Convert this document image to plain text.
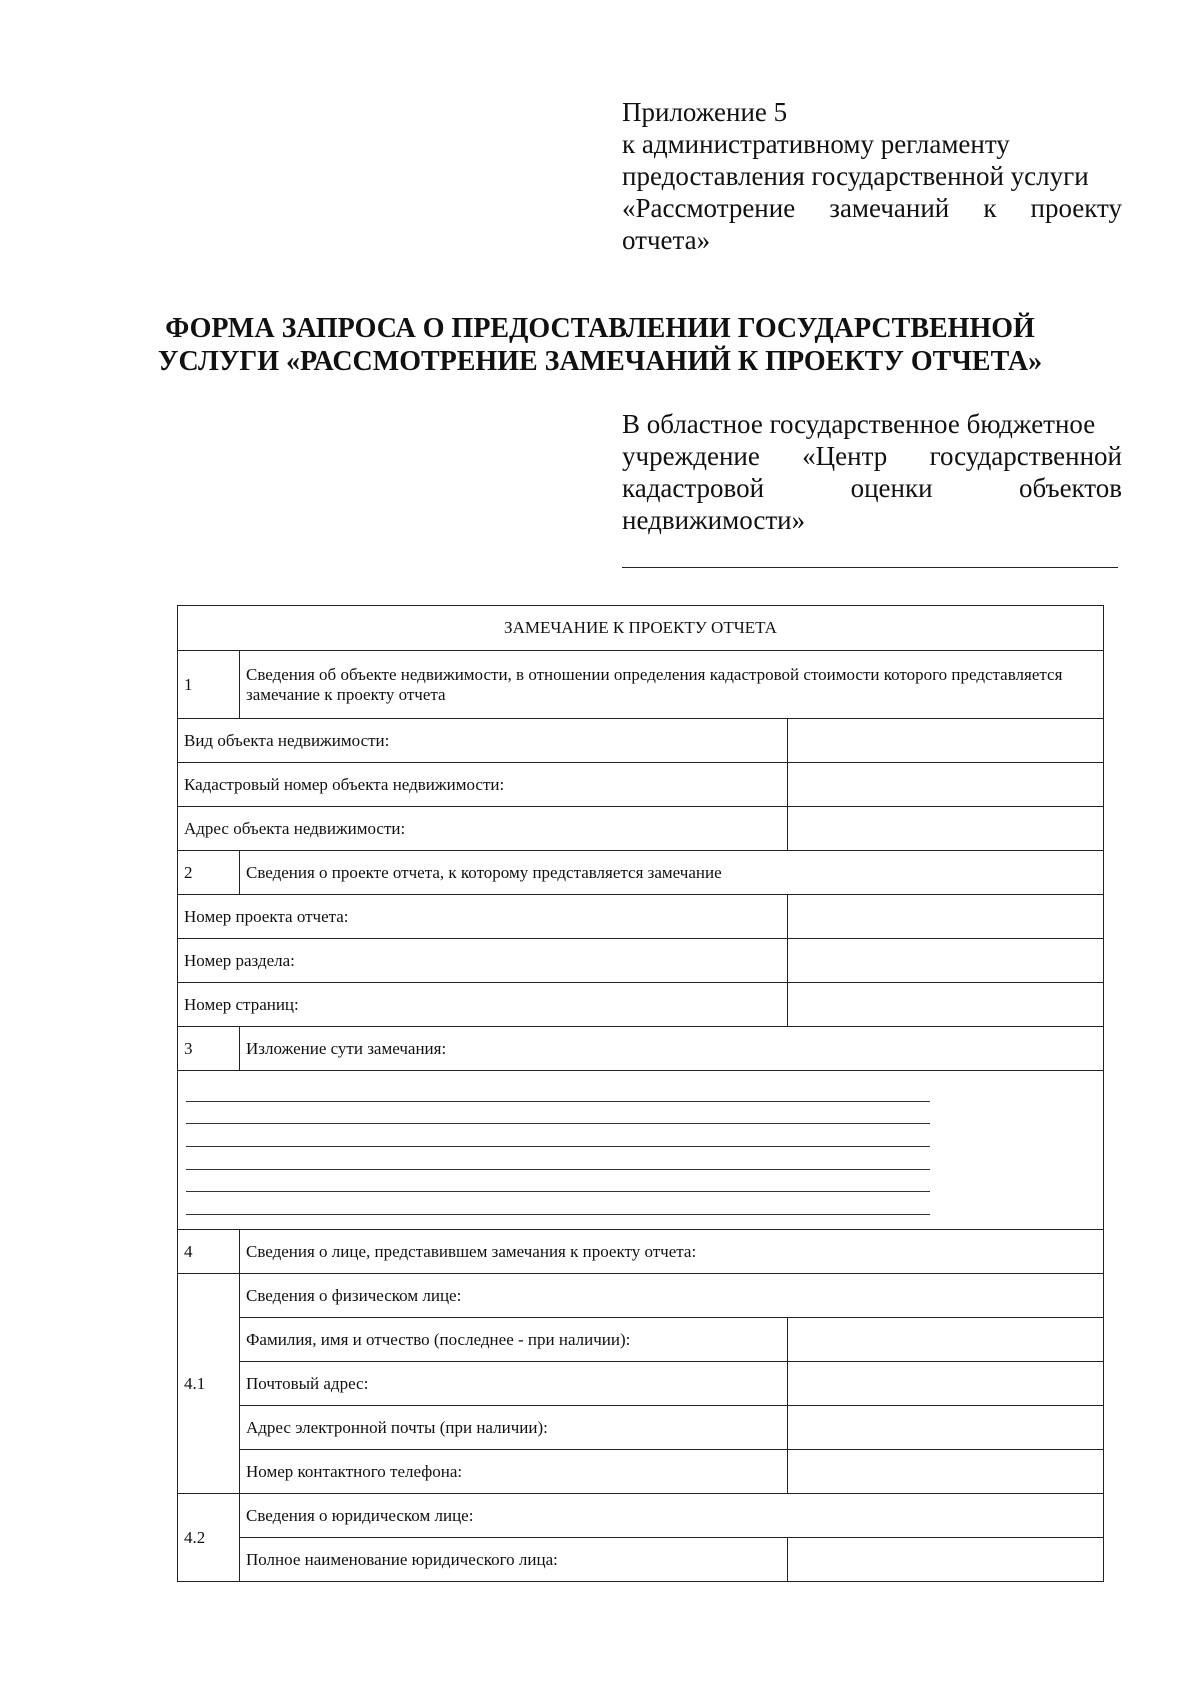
Приложение 5
к административному регламенту
предоставления государственной услуги
«Рассмотрение замечаний к проекту
отчета»
ФОРМА ЗАПРОСА О ПРЕДОСТАВЛЕНИИ ГОСУДАРСТВЕННОЙ
УСЛУГИ «РАССМОТРЕНИЕ ЗАМЕЧАНИЙ К ПРОЕКТУ ОТЧЕТА»
В областное государственное бюджетное
учреждение «Центр государственной
кадастровой оценки объектов
недвижимости»
ЗАМЕЧАНИЕ К ПРОЕКТУ ОТЧЕТА		
1	Сведения об объекте недвижимости, в отношении определения кадастровой стоимости которого представляется замечание к проекту отчета	
Вид объекта недвижимости:		
Кадастровый номер объекта недвижимости:		
Адрес объекта недвижимости:		
2	Сведения о проекте отчета, к которому представляется замечание	
Номер проекта отчета:		
Номер раздела:		
Номер страниц:		
3	Изложение сути замечания:	

4	Сведения о лице, представившем замечания к проекту отчета:	
4.1	Сведения о физическом лице:	
	Фамилия, имя и отчество (последнее - при наличии):	
	Почтовый адрес:	
	Адрес электронной почты (при наличии):	
	Номер контактного телефона:	
4.2	Сведения о юридическом лице:	
	Полное наименование юридического лица:	
